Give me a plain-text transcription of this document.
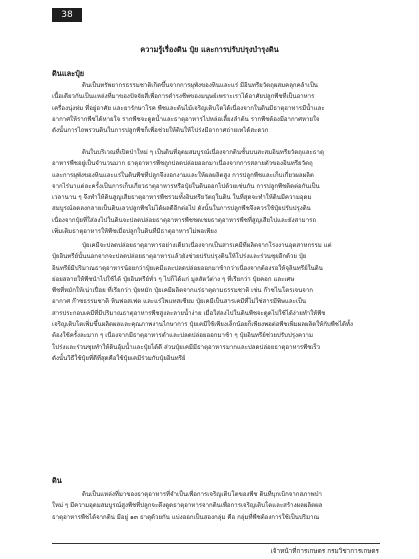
38
ความรู้เรื่องดิน ปุ๋ย และการปรับปรุงบำรุงดิน
ดินและปุ๋ย
ดินเป็นทรัพยากรธรรมชาติเกิดขึ้นจากการผุพังของหินและแร่ มีอินทรียวัตถุผสมคลุกคล้าเป็น
เนื้อเดียวกันเป็นแหล่งที่มาของปัจจัยสี่เพื่อการดำรงชีพของมนุษย์เพราะเราได้อาศัยปลูกพืชที่เป็นอาหาร
เครื่องนุ่งห่ม ที่อยู่อาศัย และยารักษาโรค พืชและต้นไม้เจริญเติบโตได้เนื่องจากในดินมีธาตุอาหารมีน้ำและ
อากาศให้รากพืชได้หายใจ รากพืชจะดูดน้ำและธาตุอาหารไปหล่อเลี้ยงลำต้น รากพืชต้องมีอากาศหายใจ
ดังนั้นการไถพรวนดินในการปลูกพืชก็เพื่อช่วยให้ดินให้โปร่งมีอากาศถ่ายเทได้สะดวก
ดินในบริเวณที่เปิดป่าใหม่ ๆ เป็นดินที่อุดมสมบูรณ์เนื่องจากดินชั้นบนสะสมอินทรียวัตถุและธาตุ
อาหารพืชอยู่เป็นจำนวนมาก ธาตุอาหารพืชถูกปลดปล่อยออกมาเนื่องจากการสลายตัวของอินทรียวัตถุ
และการผุพังของหินและแร่ในดินพืชที่ปลูกจึงงอกงามและให้ผลผลิตสูง การปลูกพืชและเก็บเกี่ยวผลผลิต
จากไร่นาแต่ละครั้งเป็นการเก็บเกี่ยวธาตุอาหารหรือปุ๋ยในดินออกไปด้วยเช่นกัน การปลูกพืชติดต่อกันเป็น
เวลานาน ๆ จึงทำให้ดินสูญเสียธาตุอาหารพืชรวมทั้งอินทรียวัตถุในดิน ในที่สุดจะทำให้ดินมีความอุดม
สมบูรณ์ลดลงกลายเป็นดินเลวปลูกพืชไม่ได้ผลดีอีกต่อไป ดังนั้นในการปลูกพืชจึงควรใช้ปุ๋ยปรับปรุงดิน
เนื่องจากปุ๋ยที่ใส่ลงไปในดินจะปลดปล่อยธาตุอาหารพืชชดเชยธาตุอาหารพืชที่สูญเสียไปและยังสามารถ
เพิ่มเติมธาตุอาหารให้พืชเมื่อปลูกในดินที่มีธาตุอาหารไม่พอเพียง
ปุ๋ยเคมีจะปลดปล่อยธาตุอาหารอย่างเดียวเนื่องจากเป็นสารเคมีที่ผลิตจากโรงงานอุตสาหกรรม แต่
ปุ๋ยอินทรีย์นั้นนอกจากจะปลดปล่อยธาตุอาหารแล้วยังช่วยปรับปรุงดินให้โปร่งและร่วนซุยอีกด้วย ปุ๋ย
อินทรีย์มีปริมาณธาตุอาหารน้อยกว่าปุ๋ยเคมีและปลดปล่อยออกมาช้ากว่าเนื่องจากต้องรอให้จุลินทรีย์ในดิน
ย่อยสลายให้พืชนำไปใช้ได้ ปุ๋ยอินทรีย์ทั่ว ๆ ไปก็ได้แก่ มูลสัตว์ต่าง ๆ ที่เรียกว่า ปุ๋ยคอก และเศษ
พืชที่หมักให้เน่าเปื่อย ที่เรียกว่า ปุ๋ยหมัก ปุ๋ยเคมีผลิตจากแร่ธาตุตามธรรมชาติ เช่น ก๊าซไนโตรเจนจาก
อากาศ ก๊าซธรรมชาติ หินฟอสเฟต และแร่โพแทสเซียม ปุ๋ยเคมีเป็นสารเคมีที่ไม่ใช่สารมีพิษและเป็น
สารประกอบเคมีที่มีปริมาณธาตุอาหารพืชสูงละลายน้ำง่าย เมื่อใส่ลงไปในดินพืชจะดูดไปใช้ได้ง่ายทำให้พืช
เจริญเติบโตเพิ่มขึ้นผลิตผลและคุณภาพงานไกษาการ ปุ๋ยเคมีใช้เพียงเล็กน้อยก็เพียงพอต่อพืชเพิ่มผลผลิตให้กับพืชได้ทั้ง
ต้องใช้ครั้งละมาก ๆ เนื่องจากมีธาตุอาหารต่ำและปลดปล่อยออกมาช้า ๆ ปุ๋ยอินทรีย์ช่วยปรับปรุงความ
โปร่งและร่วนซุยทำให้ดินอุ้มน้ำและปุ๋ยได้ดี ส่วนปุ๋ยเคมีมีธาตุอาหารมากและปลดปล่อยธาตุอาหารพืชเร็ว
ดังนั้นวิธีใช้ปุ๋ยที่ดีที่สุดคือใช้ปุ๋ยเคมีร่วมกับปุ๋ยอินทรีย์
ดิน
ดินเป็นแหล่งที่มาของธาตุอาหารที่จำเป็นเพื่อการเจริญเติบโตของพืช ดินที่บุกเบิกจากสภาพป่า
ใหม่ ๆ มีความอุดมสมบูรณ์สูงพืชที่ปลูกจะดึงดูดธาตุอาหารจากดินเพื่อการเจริญเติบโตและสร้างผลผลิตผล
ธาตุอาหารพืชได้จากดิน มีอยู่ ๑๓ ธาตุด้วยกัน แบ่งออกเป็นสองกลุ่ม คือ กลุ่มที่พืชต้องการใช้เป็นปริมาณ
เจ้าหน้าที่การเกษตร กรมวิชาการเกษตร
